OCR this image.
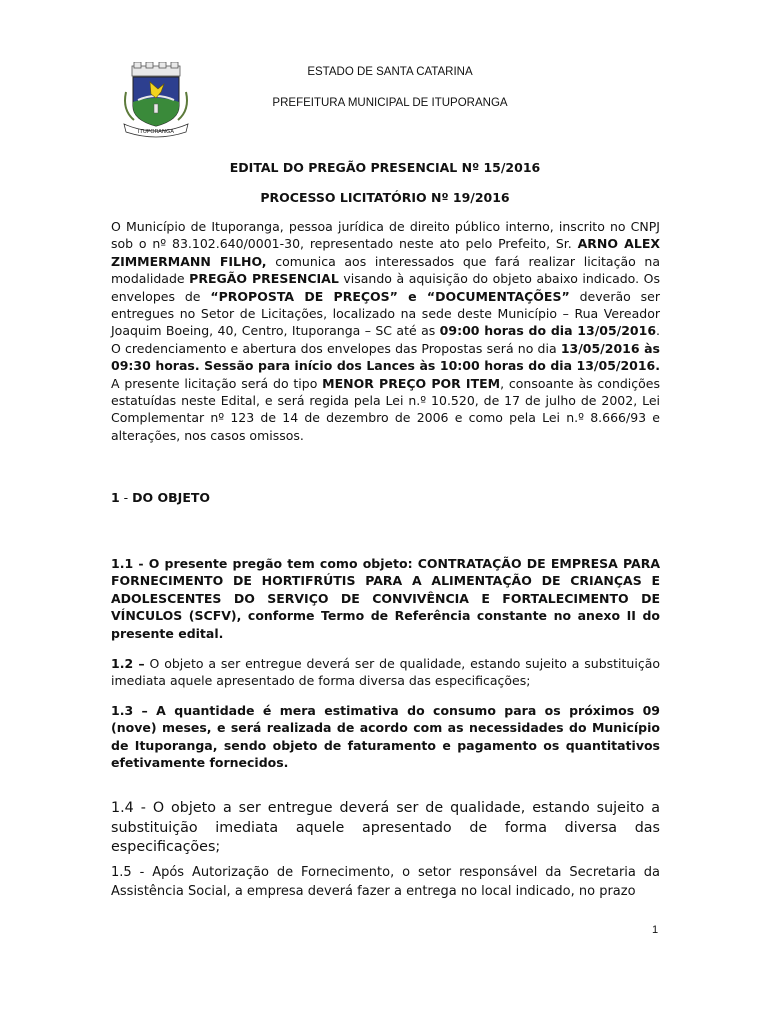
ITUPORANGA
ESTADO DE SANTA CATARINA
PREFEITURA MUNICIPAL DE ITUPORANGA
EDITAL DO PREGÃO PRESENCIAL Nº 15/2016
PROCESSO LICITATÓRIO Nº 19/2016
O Município de Ituporanga, pessoa jurídica de direito público interno, inscrito no CNPJ sob o nº 83.102.640/0001-30, representado neste ato pelo Prefeito, Sr. ARNO ALEX ZIMMERMANN FILHO, comunica aos interessados que fará realizar licitação na modalidade PREGÃO PRESENCIAL visando à aquisição do objeto abaixo indicado. Os envelopes de “PROPOSTA DE PREÇOS” e “DOCUMENTAÇÕES” deverão ser entregues no Setor de Licitações, localizado na sede deste Município – Rua Vereador Joaquim Boeing, 40, Centro, Ituporanga – SC até as 09:00 horas do dia 13/05/2016. O credenciamento e abertura dos envelopes das Propostas será no dia 13/05/2016 às 09:30 horas. Sessão para início dos Lances às 10:00 horas do dia 13/05/2016. A presente licitação será do tipo MENOR PREÇO POR ITEM, consoante às condições estatuídas neste Edital, e será regida pela Lei n.º 10.520, de 17 de julho de 2002, Lei Complementar nº 123 de 14 de dezembro de 2006 e como pela Lei n.º 8.666/93 e alterações, nos casos omissos.
1 - DO OBJETO
1.1 - O presente pregão tem como objeto: CONTRATAÇÃO DE EMPRESA PARA FORNECIMENTO DE HORTIFRÚTIS PARA A ALIMENTAÇÃO DE CRIANÇAS E ADOLESCENTES DO SERVIÇO DE CONVIVÊNCIA E FORTALECIMENTO DE VÍNCULOS (SCFV), conforme Termo de Referência constante no anexo II do presente edital.
1.2 – O objeto a ser entregue deverá ser de qualidade, estando sujeito a substituição imediata aquele apresentado de forma diversa das especificações;
1.3 – A quantidade é mera estimativa do consumo para os próximos 09 (nove) meses, e será realizada de acordo com as necessidades do Município de Ituporanga, sendo objeto de faturamento e pagamento os quantitativos efetivamente fornecidos.
1.4 - O objeto a ser entregue deverá ser de qualidade, estando sujeito a substituição imediata aquele apresentado de forma diversa das especificações;
1.5 - Após Autorização de Fornecimento, o setor responsável da Secretaria da Assistência Social, a empresa deverá fazer a entrega no local indicado, no prazo
1
